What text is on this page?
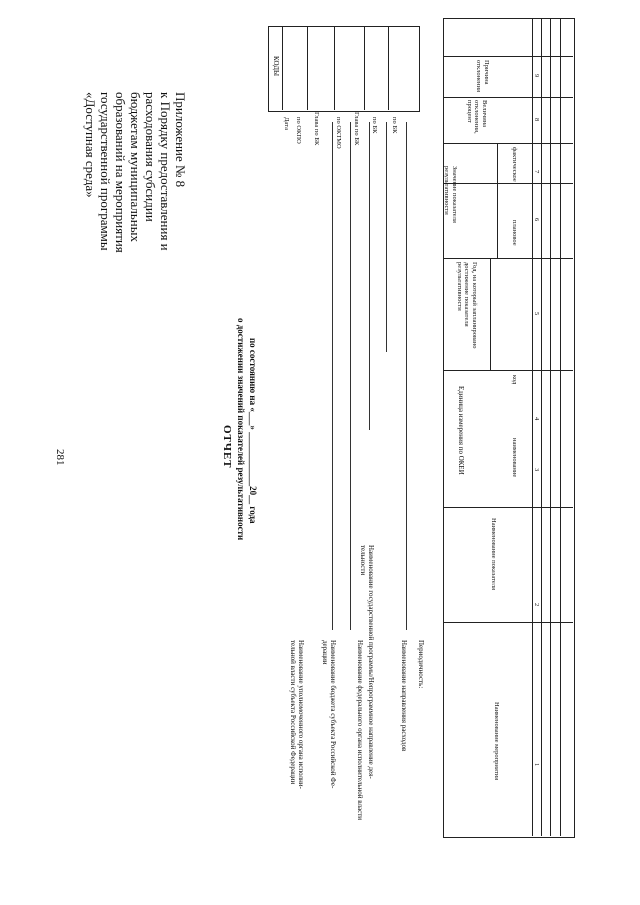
281
Приложение № 8
к Порядку предоставления и
расходования субсидии
бюджетам муниципальных
образований на мероприятия
государственной программы
«Доступная среда»
ОТЧЕТ о достижении значений показателей результативности по состоянию на «___» ____________20__ года
КОДЫ
Дата по ОКПО Глава по БК по ОКТМО Глава по БК по БК по БК
Наименование уполномоченного органа исполни-
тельной власти субъекта Российской Федерации
Наименование бюджета субъекта Российской Фе-
дерации	Наименование федерального органа исполнительной власти
Наименование государственной программы/Непрограммное направление дея-
тельности
Наименование направления расходов Периодичность:
Наименование мероприятия
Наименование показателя
Единица измерения по ОКЕИ	наименование
код
Год, на который запланировано достижение показателя результативности
Значение показателя результативности
плановое
фактическое
Величина отклонения, процент
Причина отклонения
1
2
3
4
5
6
7
8
9
